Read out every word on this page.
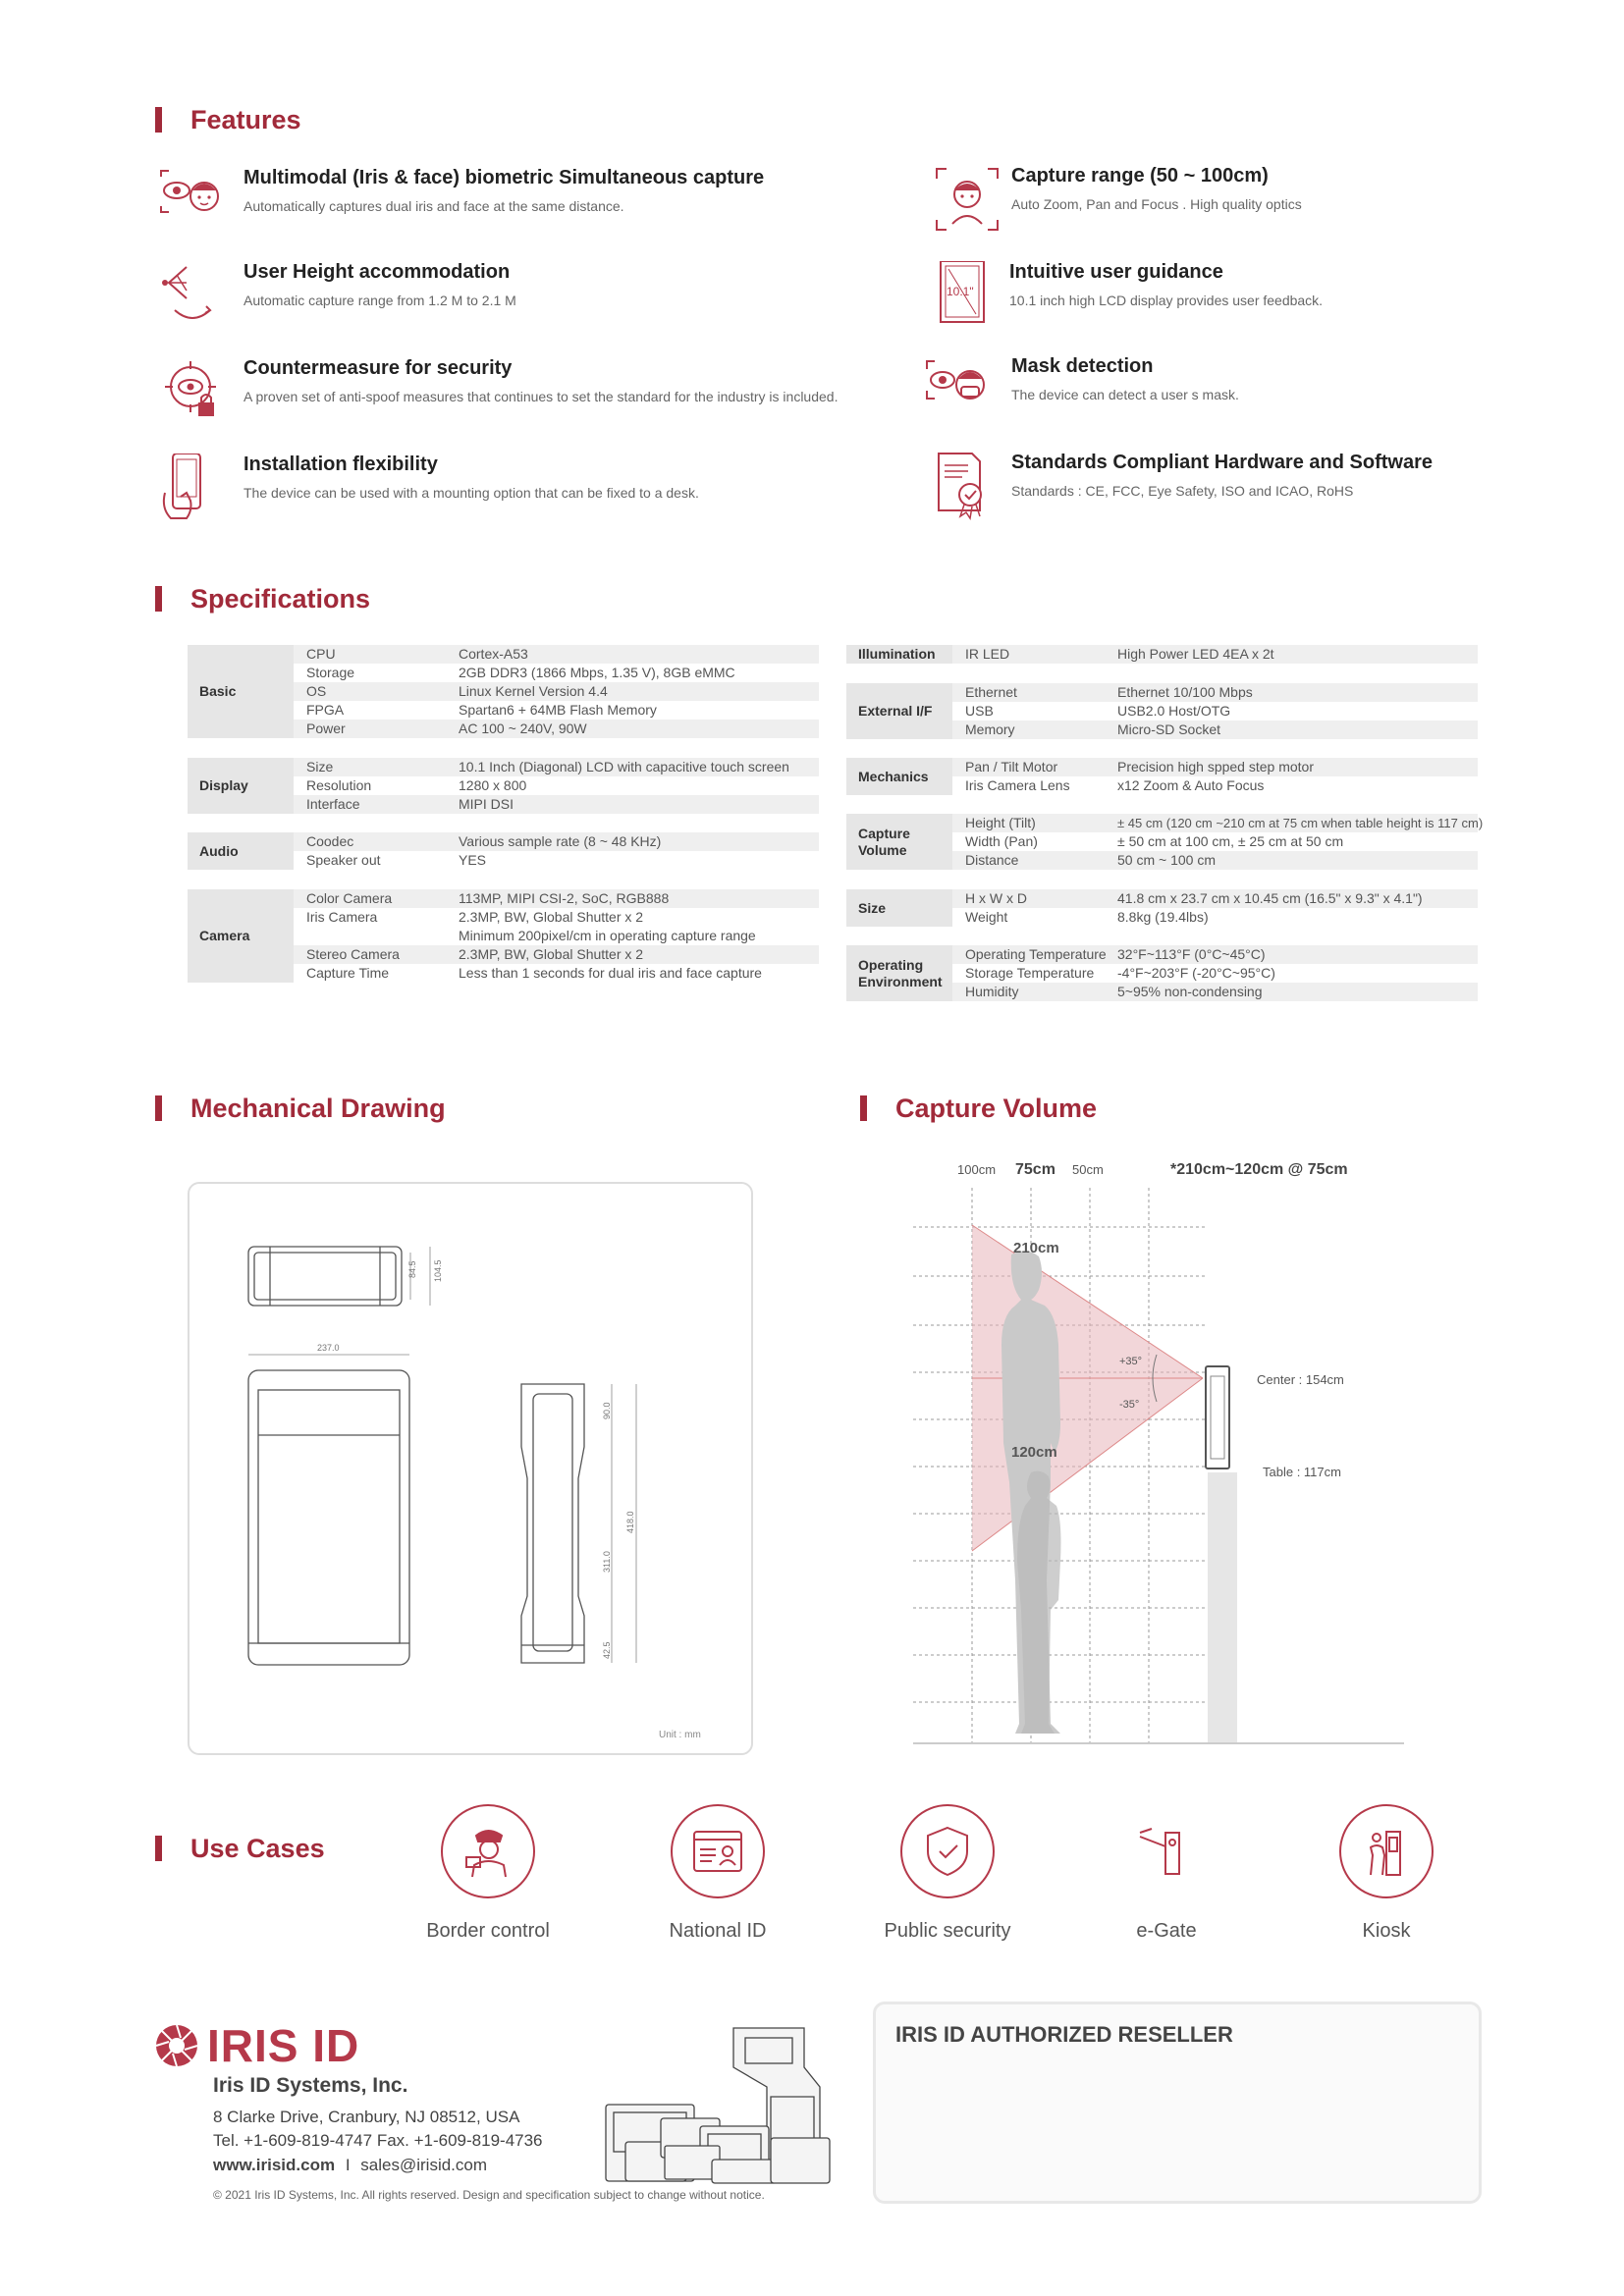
Features
Specifications
Mechanical Drawing	Capture Volume
Use Cases
Multimodal (Iris & face) biometric Simultaneous capture
Automatically captures dual iris and face at the same distance.
Capture range (50 ~ 100cm)
Auto Zoom, Pan and Focus . High quality optics
User Height accommodation
Automatic capture range from 1.2 M to 2.1 M
10.1"
Intuitive user guidance
10.1 inch high LCD display provides user feedback.
Countermeasure for security
A proven set of anti-spoof measures that continues to set the standard for the industry is included.
Mask detection
The device can detect a user s mask.
Installation flexibility
The device can be used with a mounting option that can be fixed to a desk.
Standards Compliant Hardware and Software
Standards : CE, FCC, Eye Safety, ISO and ICAO, RoHS
Basic
CPU	Cortex-A53
Storage	2GB DDR3 (1866 Mbps, 1.35 V), 8GB eMMC
OS	Linux Kernel Version 4.4
FPGA	Spartan6 + 64MB Flash Memory
Power	AC 100 ~ 240V, 90W
Display
Size	10.1 Inch (Diagonal) LCD with capacitive touch screen
Resolution	1280 x 800
Interface	MIPI DSI
Audio
Coodec	Various sample rate (8 ~ 48 KHz)
Speaker out	YES
Camera
Color Camera	113MP, MIPI CSI-2, SoC, RGB888
Iris Camera	2.3MP, BW, Global Shutter x 2
Minimum 200pixel/cm in operating capture range
Stereo Camera	2.3MP, BW, Global Shutter x 2
Capture Time	Less than 1 seconds for dual iris and face capture
Illumination	IR LED	High Power LED 4EA x 2t
External I/F
Ethernet	Ethernet 10/100 Mbps
USB	USB2.0 Host/OTG
Memory	Micro-SD Socket
Mechanics
Pan / Tilt Motor	Precision high spped step motor
Iris Camera Lens	x12 Zoom & Auto Focus
Capture Volume
Height (Tilt)	± 45 cm (120 cm ~210 cm at 75 cm when table height is 117 cm)
Width (Pan)	± 50 cm at 100 cm, ± 25 cm at 50 cm
Distance	50 cm ~ 100 cm
Size
H x W x D	41.8 cm x 23.7 cm x 10.45 cm (16.5" x 9.3" x 4.1")
Weight	8.8kg (19.4lbs)
Operating Environment
Operating Temperature 32°F~113°F (0°C~45°C)
Storage Temperature -4°F~203°F (-20°C~95°C)
Humidity	5~95% non-condensing
84.5 104.5
237.0
90.0
418.0
311.0
42.5
Unit : mm
100cm 75cm 50cm	*210cm~120cm @ 75cm
+35°
-35°
210cm
120cm
Center : 154cm
Table : 117cm
Border control	National ID	Public security	e-Gate	Kiosk
IRIS ID
Iris ID Systems, Inc.
8 Clarke Drive, Cranbury, NJ 08512, USA
Tel. +1-609-819-4747 Fax. +1-609-819-4736
www.irisid.com I sales@irisid.com
© 2021 Iris ID Systems, Inc. All rights reserved. Design and specification subject to change without notice.
IRIS ID AUTHORIZED RESELLER
